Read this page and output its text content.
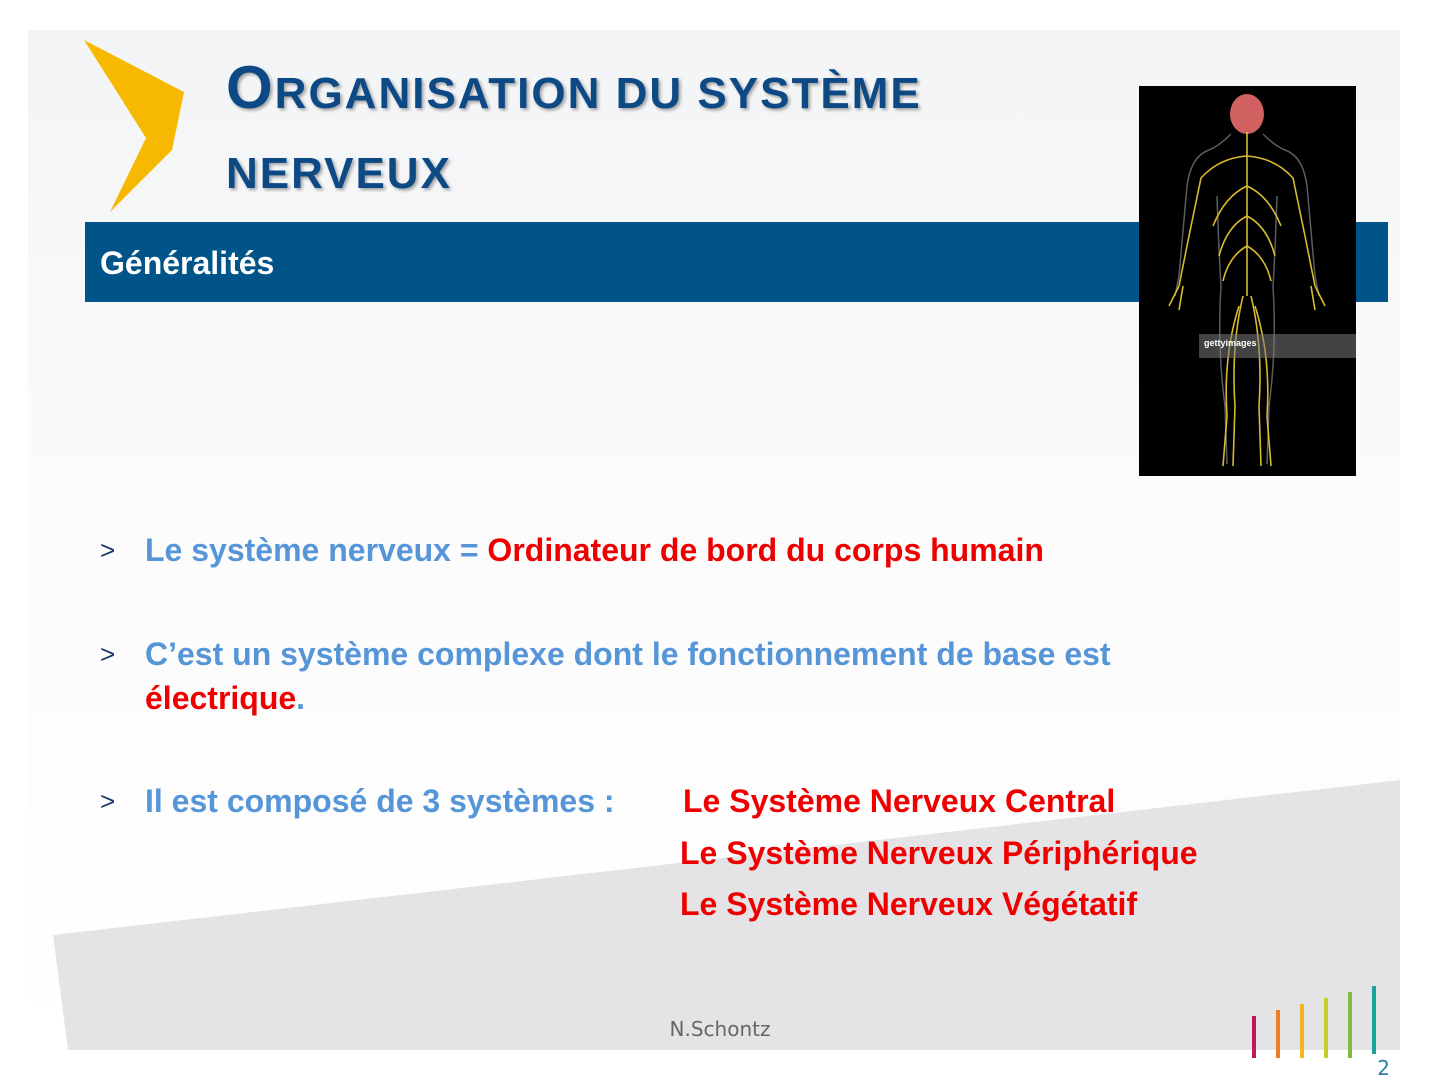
ORGANISATION DU SYSTÈME
NERVEUX
Généralités
gettyimages
> Le système nerveux = Ordinateur de bord du corps humain
> C’est un système complexe dont le fonctionnement de base est
électrique.
> Il est composé de 3 systèmes : Le Système Nerveux Central
Le Système Nerveux Périphérique
Le Système Nerveux Végétatif
N.Schontz
2
